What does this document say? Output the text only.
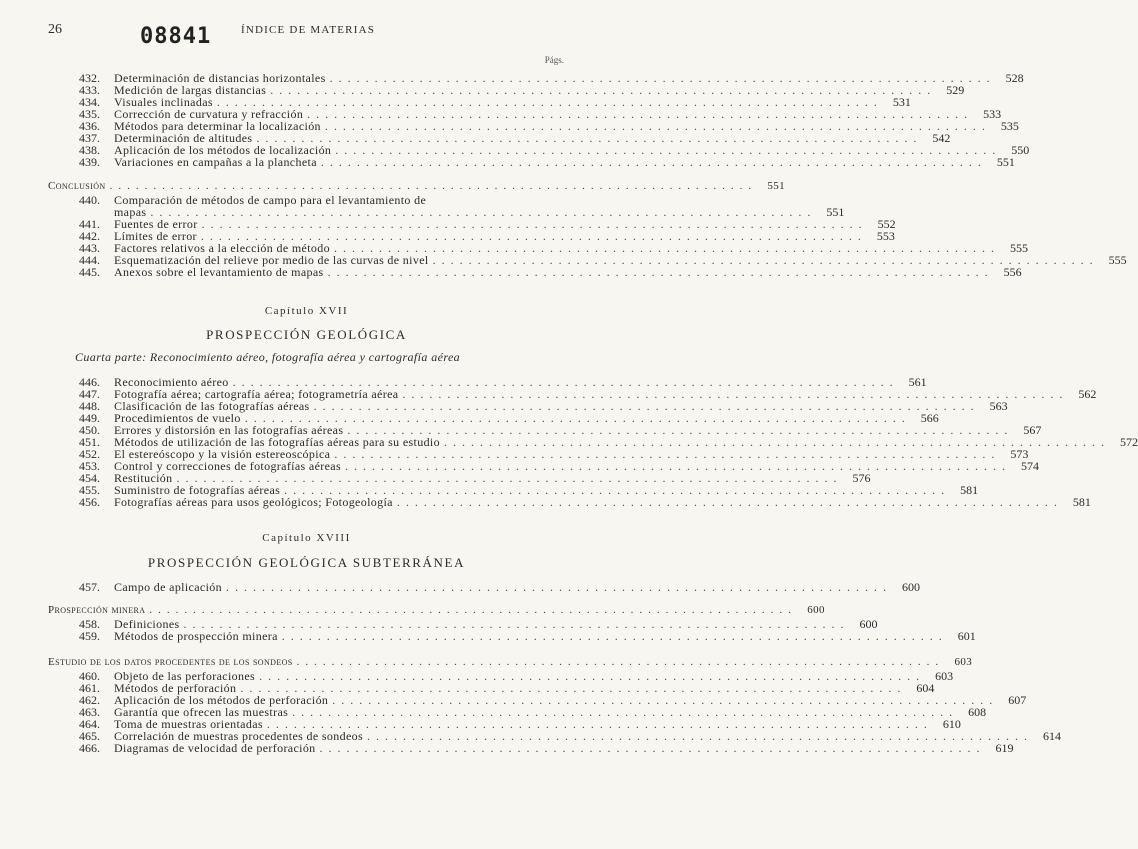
26	08841	ÍNDICE DE MATERIAS
Págs.
432. Determinación de distancias horizontales .......................................................................... 528
433. Medición de largas distancias .......................................................................... 529
434. Visuales inclinadas .......................................................................... 531
435. Corrección de curvatura y refracción .......................................................................... 533
436. Métodos para determinar la localización .......................................................................... 535
437. Determinación de altitudes .......................................................................... 542
438. Aplicación de los métodos de localización .......................................................................... 550
439. Variaciones en campañas a la plancheta .......................................................................... 551
Conclusión .......................................................................... 551
440. Comparación de métodos de campo para el levantamiento de
mapas .......................................................................... 551
441. Fuentes de error .......................................................................... 552
442. Límites de error .......................................................................... 553
443. Factores relativos a la elección de método .......................................................................... 555
444. Esquematización del relieve por medio de las curvas de nivel .......................................................................... 555
445. Anexos sobre el levantamiento de mapas .......................................................................... 556
Capítulo XVII
PROSPECCIÓN GEOLÓGICA
Cuarta parte: Reconocimiento aéreo, fotografía aérea y cartografía aérea
446. Reconocimiento aéreo .......................................................................... 561
447. Fotografía aérea; cartografía aérea; fotogrametría aérea .......................................................................... 562
448. Clasificación de las fotografías aéreas .......................................................................... 563
449. Procedimientos de vuelo .......................................................................... 566
450. Errores y distorsión en las fotografías aéreas .......................................................................... 567
451. Métodos de utilización de las fotografías aéreas para su estudio .......................................................................... 572
452. El estereóscopo y la visión estereoscópica .......................................................................... 573
453. Control y correcciones de fotografías aéreas .......................................................................... 574
454. Restitución .......................................................................... 576
455. Suministro de fotografías aéreas .......................................................................... 581
456. Fotografías aéreas para usos geológicos; Fotogeología .......................................................................... 581
Capítulo XVIII
PROSPECCIÓN GEOLÓGICA SUBTERRÁNEA
457. Campo de aplicación .......................................................................... 600
Prospección minera .......................................................................... 600
458. Definiciones .......................................................................... 600
459. Métodos de prospección minera .......................................................................... 601
Estudio de los datos procedentes de los sondeos .......................................................................... 603
460. Objeto de las perforaciones .......................................................................... 603
461. Métodos de perforación .......................................................................... 604
462. Aplicación de los métodos de perforación .......................................................................... 607
463. Garantía que ofrecen las muestras .......................................................................... 608
464. Toma de muestras orientadas .......................................................................... 610
465. Correlación de muestras procedentes de sondeos .......................................................................... 614
466. Diagramas de velocidad de perforación .......................................................................... 619
